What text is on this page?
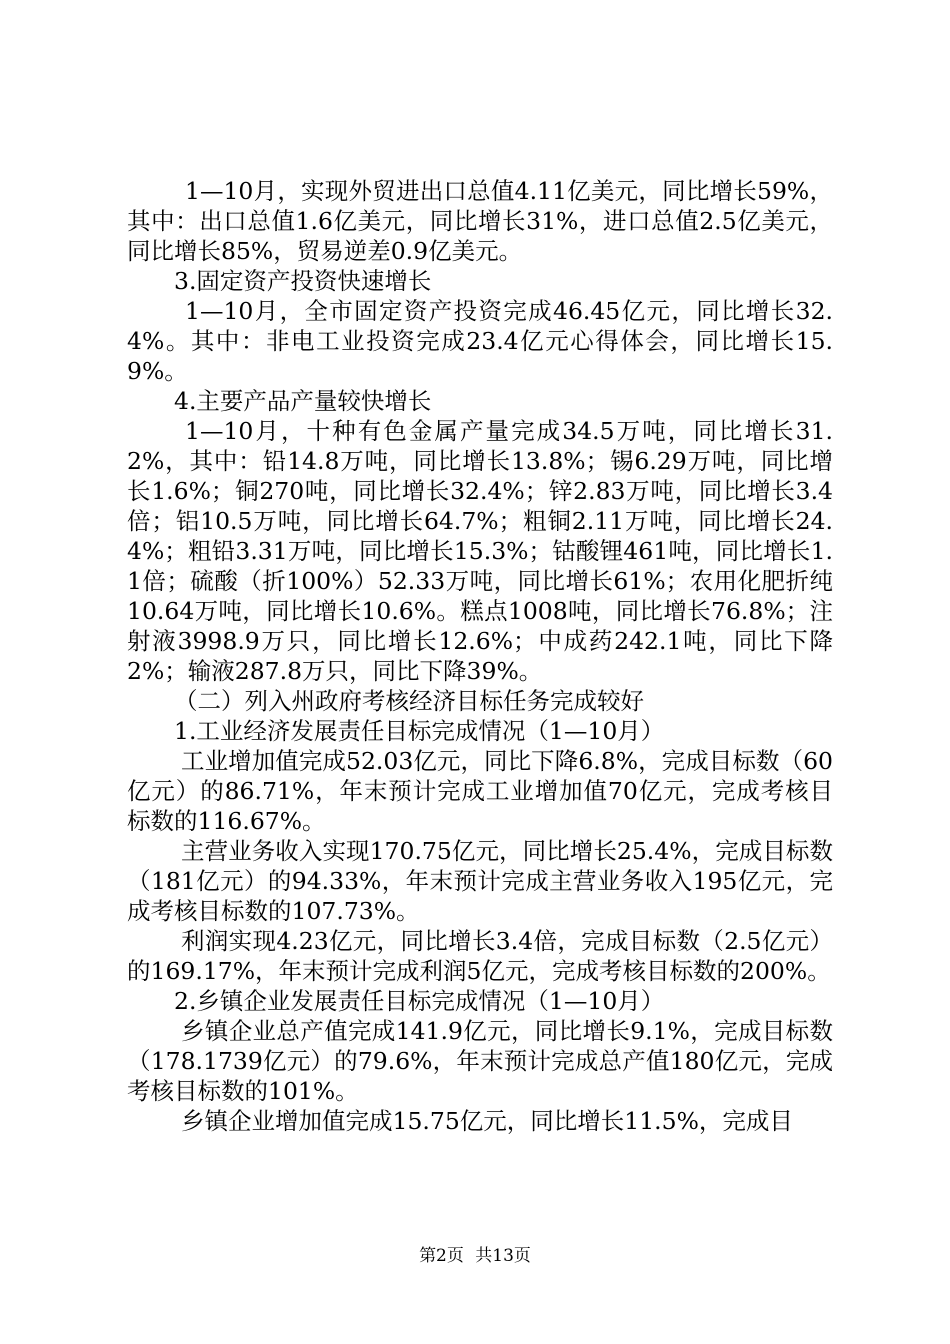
1—10月，实现外贸进出口总值4.11亿美元，同比增长59%，其中：出口总值1.6亿美元，同比增长31%，进口总值2.5亿美元，同比增长85%，贸易逆差0.9亿美元。

3.固定资产投资快速增长

1—10月，全市固定资产投资完成46.45亿元，同比增长32.4%。其中：非电工业投资完成23.4亿元心得体会，同比增长15.9%。

4.主要产品产量较快增长

1—10月，十种有色金属产量完成34.5万吨，同比增长31.2%，其中：铅14.8万吨，同比增长13.8%；锡6.29万吨，同比增长1.6%；铜270吨，同比增长32.4%；锌2.83万吨，同比增长3.4倍；铝10.5万吨，同比增长64.7%；粗铜2.11万吨，同比增长24.4%；粗铅3.31万吨，同比增长15.3%；钴酸锂461吨，同比增长1.1倍；硫酸（折100%）52.33万吨，同比增长61%；农用化肥折纯10.64万吨，同比增长10.6%。糕点1008吨，同比增长76.8%；注射液3998.9万只，同比增长12.6%；中成药242.1吨，同比下降2%；输液287.8万只，同比下降39%。

（二）列入州政府考核经济目标任务完成较好

1.工业经济发展责任目标完成情况（1—10月）

工业增加值完成52.03亿元，同比下降6.8%，完成目标数（60亿元）的86.71%，年末预计完成工业增加值70亿元，完成考核目标数的116.67%。

主营业务收入实现170.75亿元，同比增长25.4%，完成目标数（181亿元）的94.33%，年末预计完成主营业务收入195亿元，完成考核目标数的107.73%。

利润实现4.23亿元，同比增长3.4倍，完成目标数（2.5亿元）的169.17%，年末预计完成利润5亿元，完成考核目标数的200%。

2.乡镇企业发展责任目标完成情况（1—10月）

乡镇企业总产值完成141.9亿元，同比增长9.1%，完成目标数（178.1739亿元）的79.6%，年末预计完成总产值180亿元，完成考核目标数的101%。

乡镇企业增加值完成15.75亿元，同比增长11.5%，完成目

第2页 共13页
